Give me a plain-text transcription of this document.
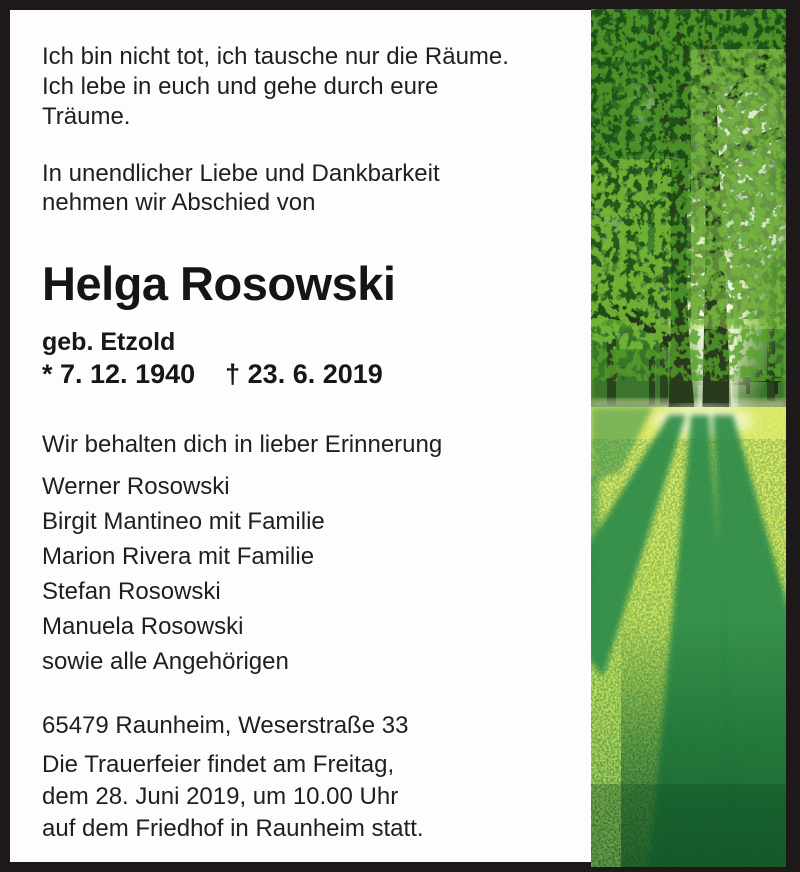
Ich bin nicht tot, ich tausche nur die Räume.
Ich lebe in euch und gehe durch eure
Träume.
In unendlicher Liebe und Dankbarkeit
nehmen wir Abschied von
Helga Rosowski
geb. Etzold
* 7. 12. 1940 † 23. 6. 2019
Wir behalten dich in lieber Erinnerung
Werner Rosowski
Birgit Mantineo mit Familie
Marion Rivera mit Familie
Stefan Rosowski
Manuela Rosowski
sowie alle Angehörigen
65479 Raunheim, Weserstraße 33
Die Trauerfeier findet am Freitag,
dem 28. Juni 2019, um 10.00 Uhr
auf dem Friedhof in Raunheim statt.
